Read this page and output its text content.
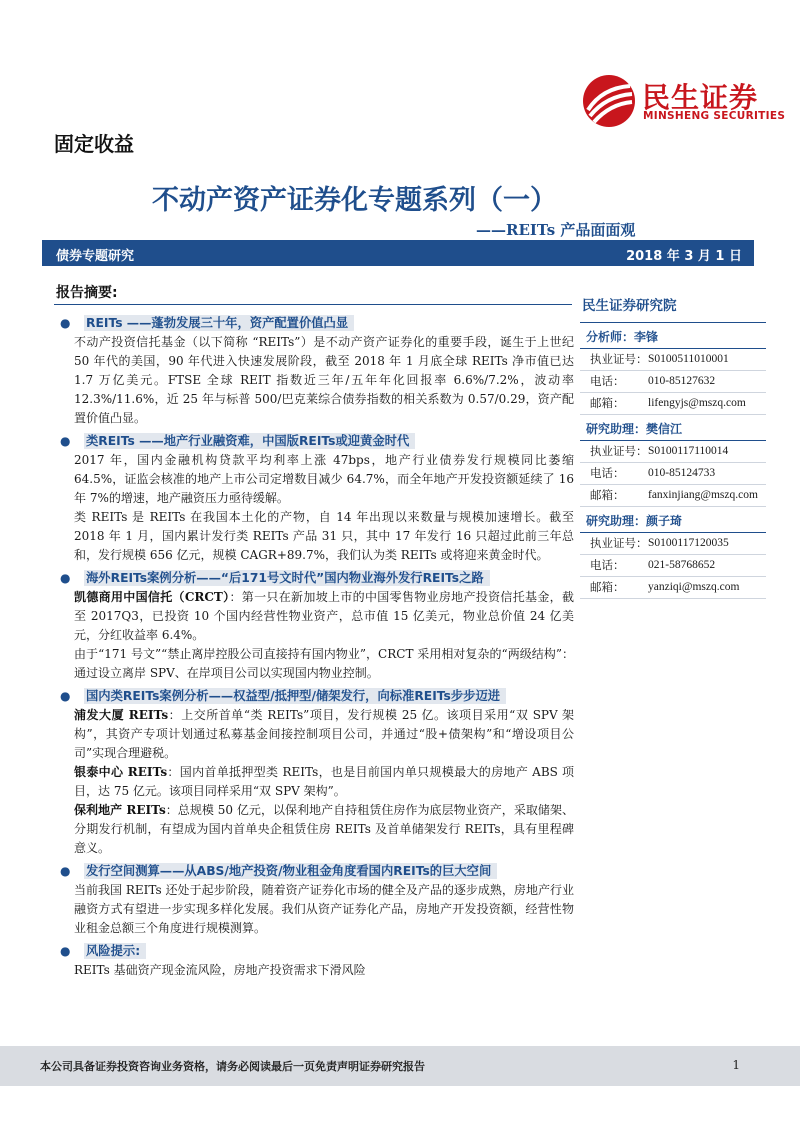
民生证券
MINSHENG SECURITIES
固定收益
不动产资产证券化专题系列（一）
——REITs 产品面面观
债券专题研究	2018 年 3 月 1 日
报告摘要:
● REITs ——蓬勃发展三十年，资产配置价值凸显

不动产投资信托基金（以下简称 “REITs”）是不动产资产证券化的重要手段，诞生于上世纪 50 年代的美国，90 年代进入快速发展阶段，截至 2018 年 1 月底全球 REITs 净市值已达 1.7 万亿美元。FTSE 全球 REIT 指数近三年/五年年化回报率 6.6%/7.2%，波动率 12.3%/11.6%，近 25 年与标普 500/巴克莱综合债券指数的相关系数为 0.57/0.29，资产配置价值凸显。

● 类REITs ——地产行业融资难，中国版REITs或迎黄金时代

2017 年，国内金融机构贷款平均利率上涨 47bps，地产行业债券发行规模同比萎缩 64.5%，证监会核准的地产上市公司定增数目减少 64.7%，而全年地产开发投资额延续了 16 年 7%的增速，地产融资压力亟待缓解。

类 REITs 是 REITs 在我国本土化的产物，自 14 年出现以来数量与规模加速增长。截至 2018 年 1 月，国内累计发行类 REITs 产品 31 只，其中 17 年发行 16 只超过此前三年总和，发行规模 656 亿元，规模 CAGR+89.7%，我们认为类 REITs 或将迎来黄金时代。

● 海外REITs案例分析——“后171号文时代”国内物业海外发行REITs之路

凯德商用中国信托（CRCT）：第一只在新加坡上市的中国零售物业房地产投资信托基金，截至 2017Q3，已投资 10 个国内经营性物业资产，总市值 15 亿美元，物业总价值 24 亿美元，分红收益率 6.4%。

由于“171 号文”“禁止离岸控股公司直接持有国内物业”，CRCT 采用相对复杂的“两级结构”：通过设立离岸 SPV、在岸项目公司以实现国内物业控制。

● 国内类REITs案例分析——权益型/抵押型/储架发行，向标准REITs步步迈进

浦发大厦 REITs：上交所首单“类 REITs”项目，发行规模 25 亿。该项目采用“双 SPV 架构”，其资产专项计划通过私募基金间接控制项目公司，并通过“股+债架构”和“增设项目公司”实现合理避税。

银泰中心 REITs：国内首单抵押型类 REITs，也是目前国内单只规模最大的房地产 ABS 项目，达 75 亿元。该项目同样采用“双 SPV 架构”。

保利地产 REITs：总规模 50 亿元，以保利地产自持租赁住房作为底层物业资产，采取储架、分期发行机制，有望成为国内首单央企租赁住房 REITs 及首单储架发行 REITs，具有里程碑意义。

● 发行空间测算——从ABS/地产投资/物业租金角度看国内REITs的巨大空间

当前我国 REITs 还处于起步阶段，随着资产证券化市场的健全及产品的逐步成熟，房地产行业融资方式有望进一步实现多样化发展。我们从资产证券化产品，房地产开发投资额，经营性物业租金总额三个角度进行规模测算。

● 风险提示:

REITs 基础资产现金流风险，房地产投资需求下滑风险

民生证券研究院
分析师：李锋
执业证号： S0100511010001
电话：	010-85127632
邮箱：	lifengyjs@mszq.com
研究助理：樊信江
执业证号： S0100117110014
电话：	010-85124733
邮箱：	fanxinjiang@mszq.com
研究助理：颜子琦
执业证号： S0100117120035
电话：	021-58768652
邮箱：	yanziqi@mszq.com
本公司具备证券投资咨询业务资格，请务必阅读最后一页免责声明证券研究报告	1
